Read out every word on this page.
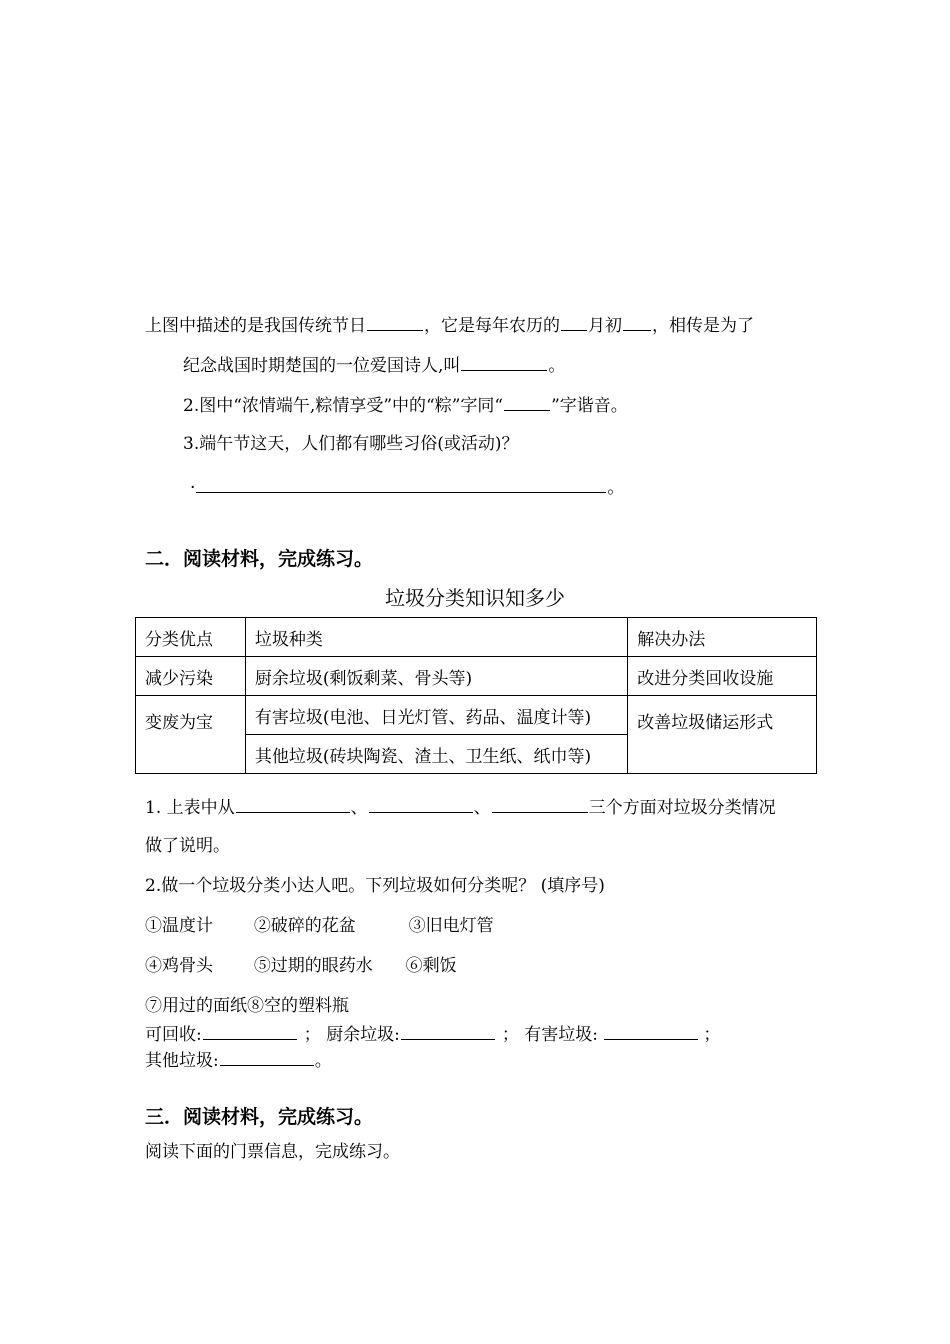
上图中描述的是我国传统节日	，它是每年农历的 月初 ，相传是为了
纪念战国时期楚国的一位爱国诗人,叫	。
2.图中“浓情端午,粽情享受”中的“粽”字同“	”字谐音。
3.端午节这天，人们都有哪些习俗(或活动)？
·	。
二．阅读材料，完成练习。
垃圾分类知识知多少
分类优点	垃圾种类	解决办法
减少污染	厨余垃圾(剩饭剩菜、骨头等)	改进分类回收设施
变废为宝	有害垃圾(电池、日光灯管、药品、温度计等)	改善垃圾储运形式
	其他垃圾(砖块陶瓷、渣土、卫生纸、纸巾等)	
1. 上表中从	、	、	三个方面对垃圾分类情况
做了说明。
2.做一个垃圾分类小达人吧。下列垃圾如何分类呢？ (填序号)
①温度计 ②破碎的花盆	③旧电灯管
④鸡骨头 ⑤过期的眼药水 ⑥剩饭
⑦用过的面纸⑧空的塑料瓶
可回收:	； 厨余垃圾:	； 有害垃圾:	；
其他垃圾:	。
三．阅读材料，完成练习。
阅读下面的门票信息，完成练习。
